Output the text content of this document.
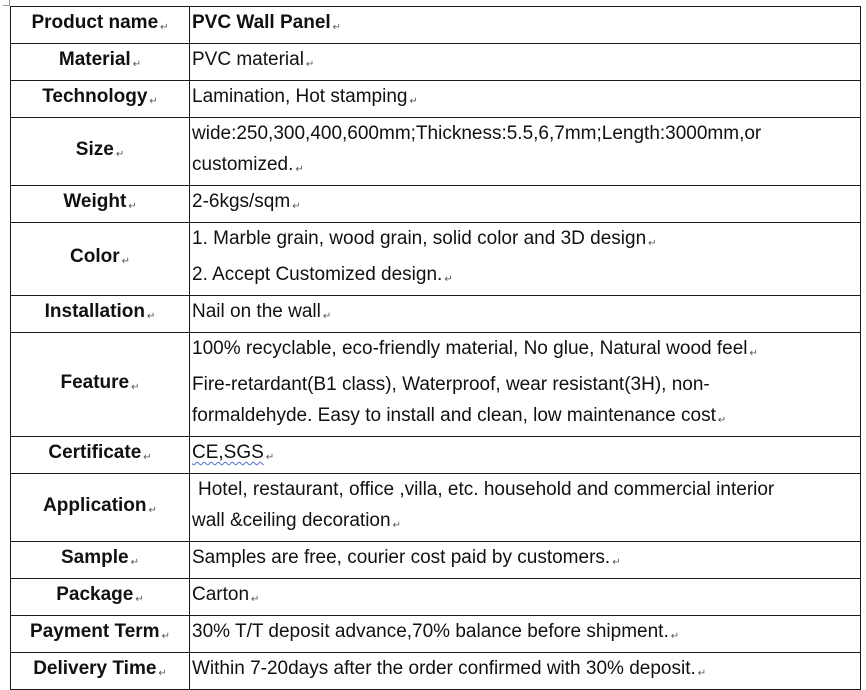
Product name ↵	PVC Wall Panel ↵
Material ↵	PVC material ↵
Technology ↵	Lamination, Hot stamping ↵
Size ↵	wide:250,300,400,600mm;Thickness:5.5,6,7mm;Length:3000mm,or
customized. ↵

Weight ↵	2-6kgs/sqm ↵
Color ↵	1. Marble grain, wood grain, solid color and 3D design ↵
2. Accept Customized design. ↵

Installation ↵	Nail on the wall ↵
Feature ↵	100% recyclable, eco-friendly material, No glue, Natural wood feel ↵
Fire-retardant(B1 class), Waterproof, wear resistant(3H), non-
formaldehyde. Easy to install and clean, low maintenance cost ↵

Certificate ↵	CE,SGS ↵
Application ↵	Hotel, restaurant, office ,villa, etc. household and commercial interior
wall &ceiling decoration ↵

Sample ↵	Samples are free, courier cost paid by customers. ↵
Package ↵	Carton ↵
Payment Term ↵	30% T/T deposit advance,70% balance before shipment. ↵
Delivery Time ↵	Within 7-20days after the order confirmed with 30% deposit. ↵
